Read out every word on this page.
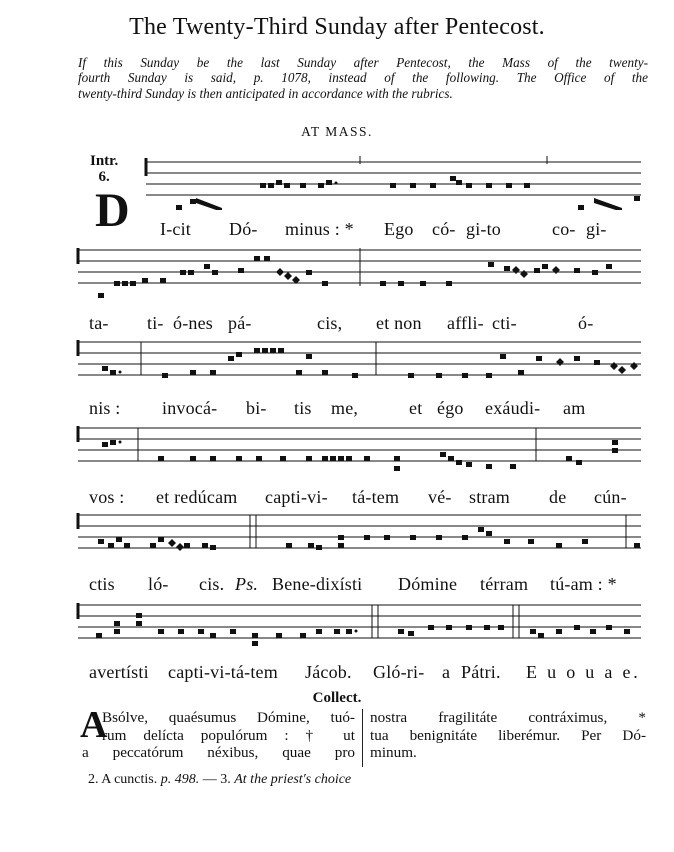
The Twenty-Third Sunday after Pentecost.
If this Sunday be the last Sunday after Pentecost, the Mass of the twenty-
fourth Sunday is said, p. 1078, instead of the following. The Office of the
twenty-third Sunday is then anticipated in accordance with the rubrics.
AT MASS.
Intr.
6.
D I-cit Dó- minus : * Ego có- gi-to	co- gi-
ta- ti- ó-nes pá-	cis, et non affli- cti-	ó-
nis : invocá- bi- tis me,	et égo exáudi- am
vos : et redúcam capti-vi- tá-tem vé- stram de cún-
ctis ló- cis. Ps. Bene-dixísti Dómine térram tú-am : *
avertísti capti-vi-tá-tem Jácob. Gló-ri- a Pátri. E u o u a e.
Collect.
A
Bsólve, quaésumus Dómine, tuó-
rum delícta populórum : † ut
a peccatórum néxibus, quae pro
nostra fragilitáte contráximus, *
tua benignitáte liberémur. Per Dó-
minum.
2. A cunctis. p. 498. — 3. At the priest's choice
